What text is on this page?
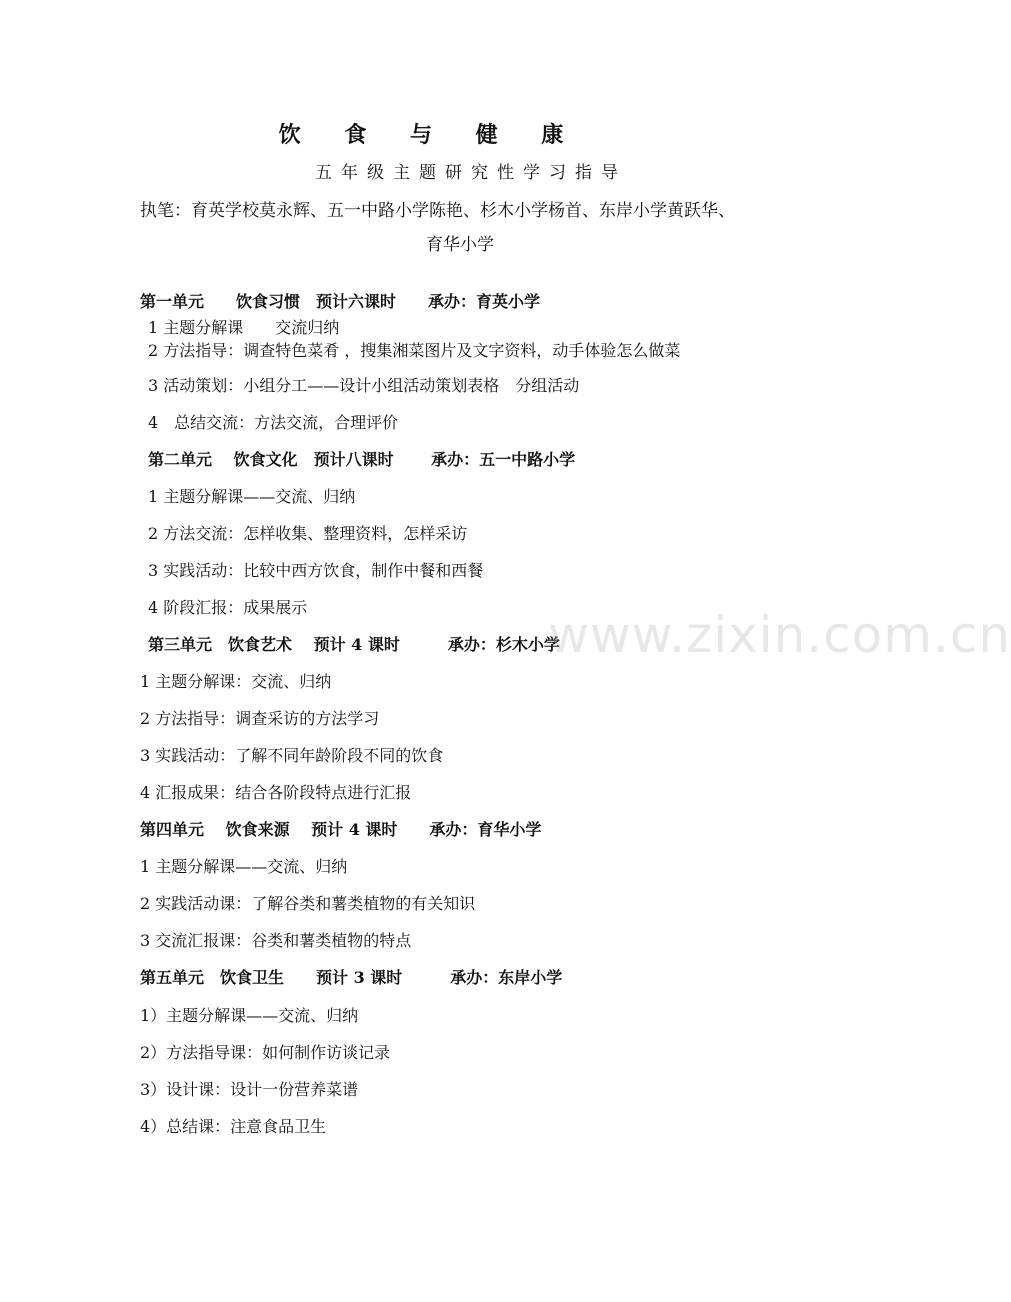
饮 食 与 健 康
五年级主题研究性学习指导
执笔：育英学校莫永辉、五一中路小学陈艳、杉木小学杨首、东岸小学黄跃华、
育华小学
第一单元　　饮食习惯　预计六课时　　承办：育英小学
1 主题分解课　　交流归纳
2 方法指导：调查特色菜肴 ，搜集湘菜图片及文字资料，动手体验怎么做菜
3 活动策划：小组分工——设计小组活动策划表格　分组活动
4　总结交流：方法交流，合理评价
第二单元　 饮食文化　预计八课时　　 承办：五一中路小学
1 主题分解课——交流、归纳
2 方法交流：怎样收集、整理资料，怎样采访
3 实践活动：比较中西方饮食，制作中餐和西餐
4 阶段汇报：成果展示
第三单元　饮食艺术　 预计 4 课时　　　承办：杉木小学
1 主题分解课：交流、归纳
2 方法指导：调查采访的方法学习
3 实践活动：了解不同年龄阶段不同的饮食
4 汇报成果：结合各阶段特点进行汇报
第四单元　 饮食来源　 预计 4 课时　　承办：育华小学
1 主题分解课——交流、归纳
2 实践活动课：了解谷类和薯类植物的有关知识
3 交流汇报课：谷类和薯类植物的特点
第五单元　饮食卫生　　预计 3 课时　　　承办：东岸小学
1）主题分解课——交流、归纳
2）方法指导课：如何制作访谈记录
3）设计课：设计一份营养菜谱
4）总结课：注意食品卫生
www.zixin.com.cn
